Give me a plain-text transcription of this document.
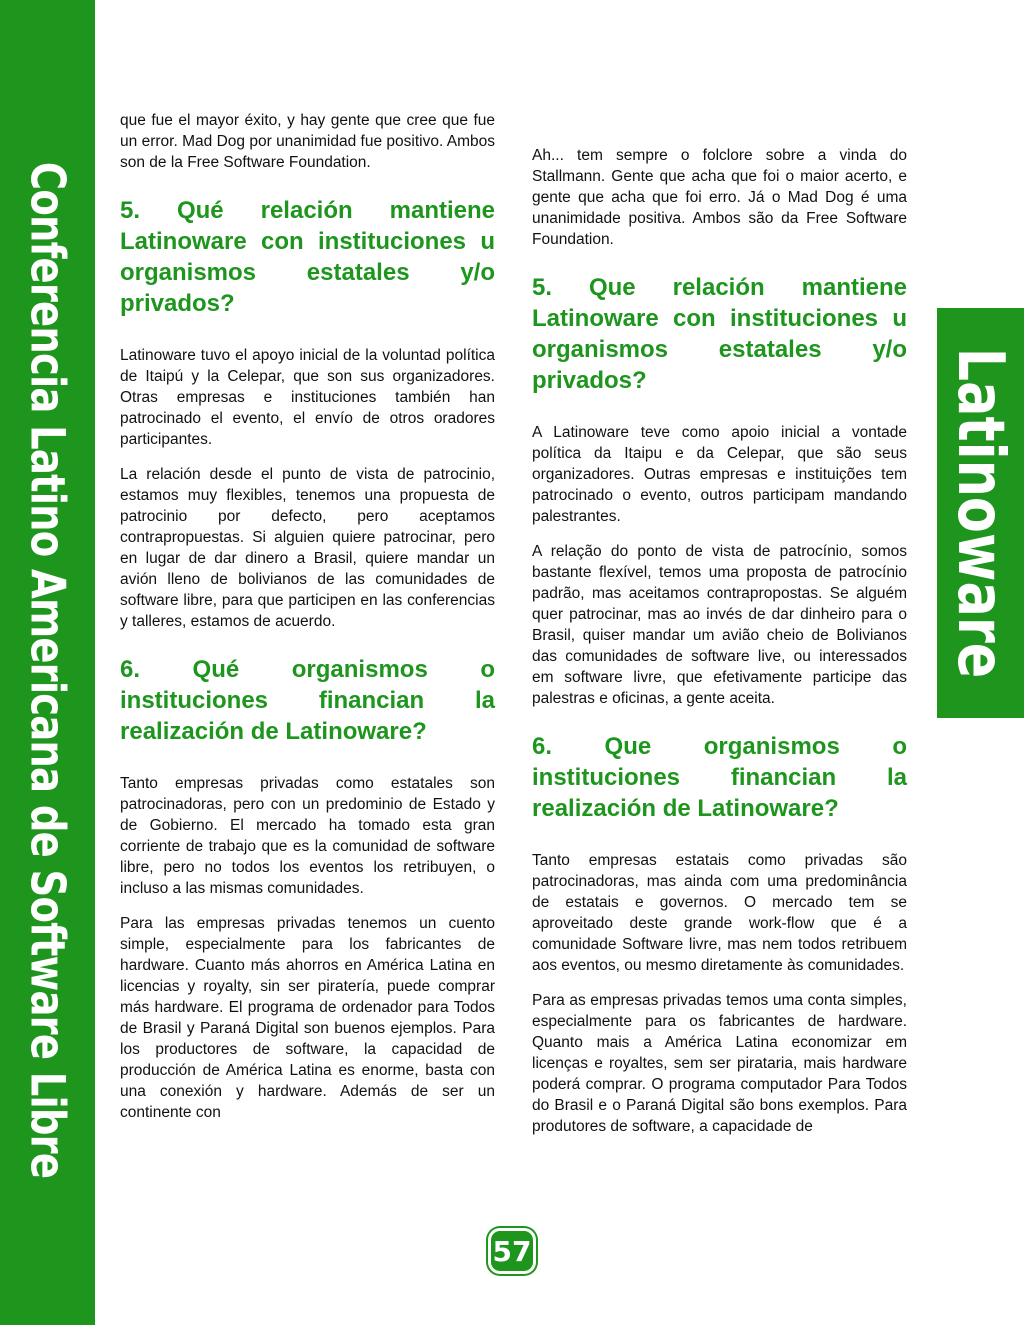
Conferencia Latino Americana de Software Libre	Latinoware

que fue el mayor éxito, y hay gente que cree que fue un error. Mad Dog por unanimidad fue positivo. Ambos son de la Free Software Foundation.

5. Qué relación mantiene Latinoware con instituciones u organismos estatales y/o privados?

Latinoware tuvo el apoyo inicial de la voluntad política de Itaipú y la Celepar, que son sus organizadores. Otras empresas e instituciones también han patrocinado el evento, el envío de otros oradores participantes.

La relación desde el punto de vista de patrocinio, estamos muy flexibles, tenemos una propuesta de patrocinio por defecto, pero aceptamos contrapropuestas. Si alguien quiere patrocinar, pero en lugar de dar dinero a Brasil, quiere mandar un avión lleno de bolivianos de las comunidades de software libre, para que participen en las conferencias y talleres, estamos de acuerdo.

6. Qué organismos o instituciones financian la realización de Latinoware?

Tanto empresas privadas como estatales son patrocinadoras, pero con un predominio de Estado y de Gobierno. El mercado ha tomado esta gran corriente de trabajo que es la comunidad de software libre, pero no todos los eventos los retribuyen, o incluso a las mismas comunidades.

Para las empresas privadas tenemos un cuento simple, especialmente para los fabricantes de hardware. Cuanto más ahorros en América Latina en licencias y royalty, sin ser piratería, puede comprar más hardware. El programa de ordenador para Todos de Brasil y Paraná Digital son buenos ejemplos. Para los productores de software, la capacidad de producción de América Latina es enorme, basta con una conexión y hardware. Además de ser un continente con

Ah... tem sempre o folclore sobre a vinda do Stallmann. Gente que acha que foi o maior acerto, e gente que acha que foi erro. Já o Mad Dog é uma unanimidade positiva. Ambos são da Free Software Foundation.

5. Que relación mantiene Latinoware con instituciones u organismos estatales y/o privados?

A Latinoware teve como apoio inicial a vontade política da Itaipu e da Celepar, que são seus organizadores. Outras empresas e instituições tem patrocinado o evento, outros participam mandando palestrantes.

A relação do ponto de vista de patrocínio, somos bastante flexível, temos uma proposta de patrocínio padrão, mas aceitamos contrapropostas. Se alguém quer patrocinar, mas ao invés de dar dinheiro para o Brasil, quiser mandar um avião cheio de Bolivianos das comunidades de software live, ou interessados em software livre, que efetivamente participe das palestras e oficinas, a gente aceita.

6. Que organismos o instituciones financian la realización de Latinoware?

Tanto empresas estatais como privadas são patrocinadoras, mas ainda com uma predominância de estatais e governos. O mercado tem se aproveitado deste grande work-flow que é a comunidade Software livre, mas nem todos retribuem aos eventos, ou mesmo diretamente às comunidades.

Para as empresas privadas temos uma conta simples, especialmente para os fabricantes de hardware. Quanto mais a América Latina economizar em licenças e royaltes, sem ser pirataria, mais hardware poderá comprar. O programa computador Para Todos do Brasil e o Paraná Digital são bons exemplos. Para produtores de software, a capacidade de

57
